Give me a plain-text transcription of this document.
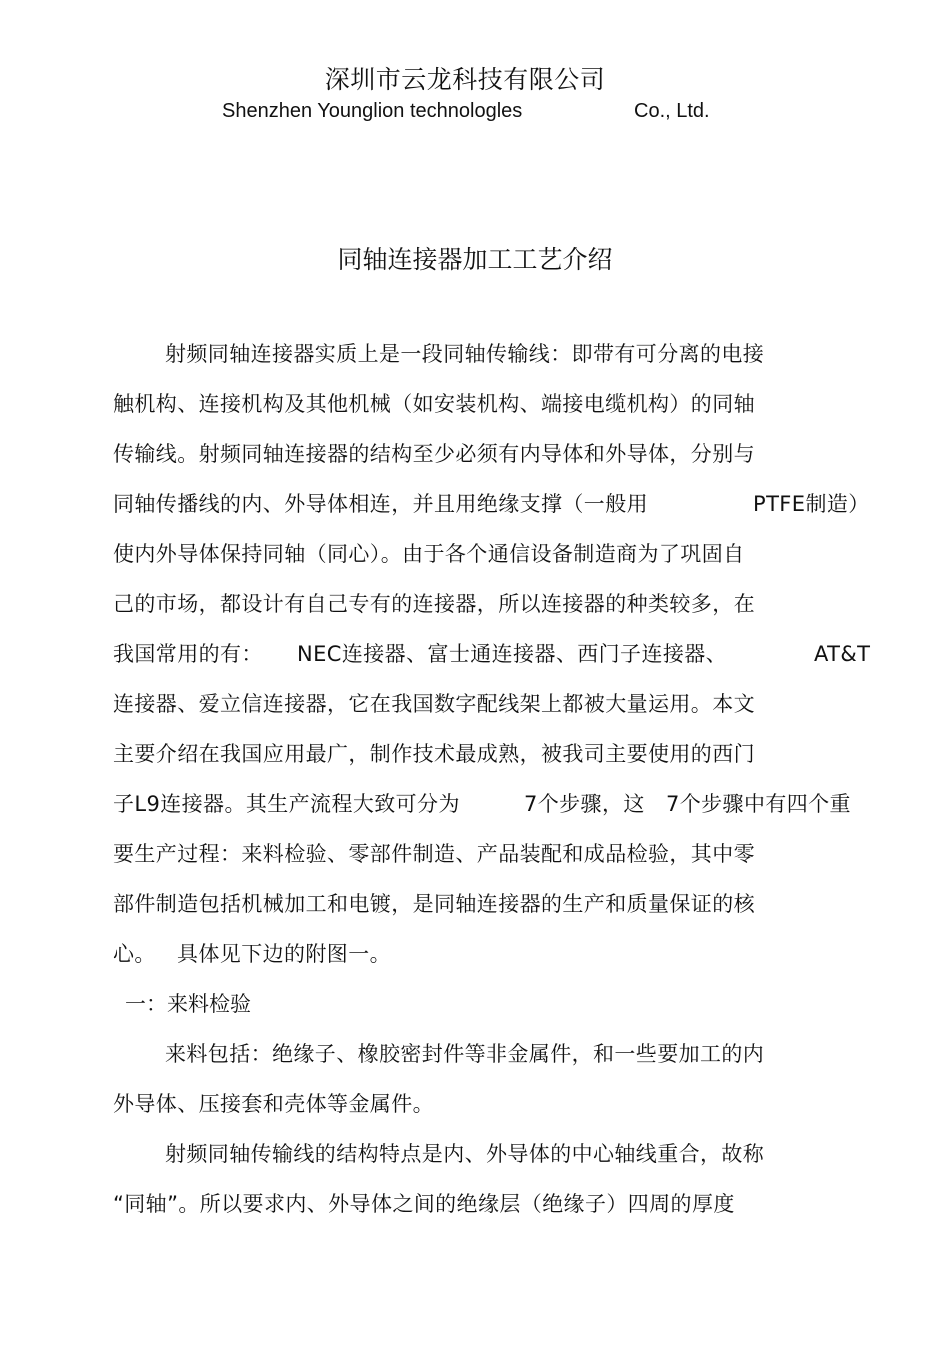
深圳市云龙科技有限公司
Shenzhen Younglion technologles	Co., Ltd.
同轴连接器加工工艺介绍
射频同轴连接器实质上是一段同轴传输线：即带有可分离的电接
触机构、连接机构及其他机械（如安装机构、端接电缆机构）的同轴
传输线。射频同轴连接器的结构至少必须有内导体和外导体，分别与
同轴传播线的内、外导体相连，并且用绝缘支撑（一般用	PTFE制造）
使内外导体保持同轴（同心）。由于各个通信设备制造商为了巩固自
己的市场，都设计有自己专有的连接器，所以连接器的种类较多，在
我国常用的有： NEC连接器、富士通连接器、西门子连接器、	AT&T
连接器、爱立信连接器，它在我国数字配线架上都被大量运用。本文
主要介绍在我国应用最广，制作技术最成熟，被我司主要使用的西门
子L9连接器。其生产流程大致可分为	7个步骤，这 7个步骤中有四个重
要生产过程：来料检验、零部件制造、产品装配和成品检验，其中零
部件制造包括机械加工和电镀，是同轴连接器的生产和质量保证的核
心。 具体见下边的附图一。
一：来料检验
来料包括：绝缘子、橡胶密封件等非金属件，和一些要加工的内
外导体、压接套和壳体等金属件。
射频同轴传输线的结构特点是内、外导体的中心轴线重合，故称
“同轴”。所以要求内、外导体之间的绝缘层（绝缘子）四周的厚度
